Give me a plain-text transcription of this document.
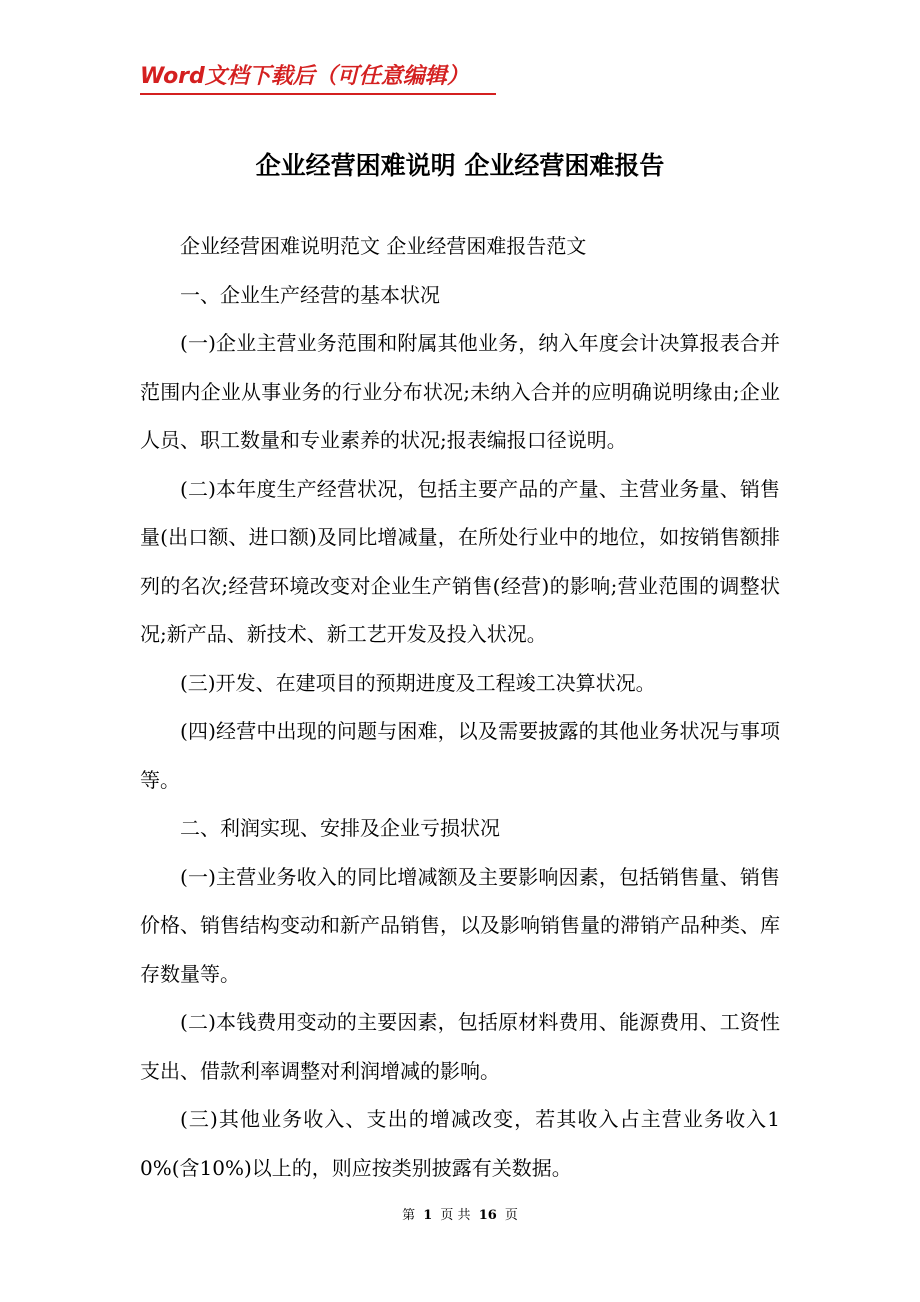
Word文档下载后（可任意编辑）
企业经营困难说明 企业经营困难报告

企业经营困难说明范文 企业经营困难报告范文

一、企业生产经营的基本状况

(一)企业主营业务范围和附属其他业务，纳入年度会计决算报表合并范围内企业从事业务的行业分布状况;未纳入合并的应明确说明缘由;企业人员、职工数量和专业素养的状况;报表编报口径说明。

(二)本年度生产经营状况，包括主要产品的产量、主营业务量、销售量(出口额、进口额)及同比增减量，在所处行业中的地位，如按销售额排列的名次;经营环境改变对企业生产销售(经营)的影响;营业范围的调整状况;新产品、新技术、新工艺开发及投入状况。

(三)开发、在建项目的预期进度及工程竣工决算状况。

(四)经营中出现的问题与困难，以及需要披露的其他业务状况与事项等。

二、利润实现、安排及企业亏损状况

(一)主营业务收入的同比增减额及主要影响因素，包括销售量、销售价格、销售结构变动和新产品销售，以及影响销售量的滞销产品种类、库存数量等。

(二)本钱费用变动的主要因素，包括原材料费用、能源费用、工资性支出、借款利率调整对利润增减的影响。

(三)其他业务收入、支出的增减改变，若其收入占主营业务收入10%(含10%)以上的，则应按类别披露有关数据。

第 1 页 共 16 页
